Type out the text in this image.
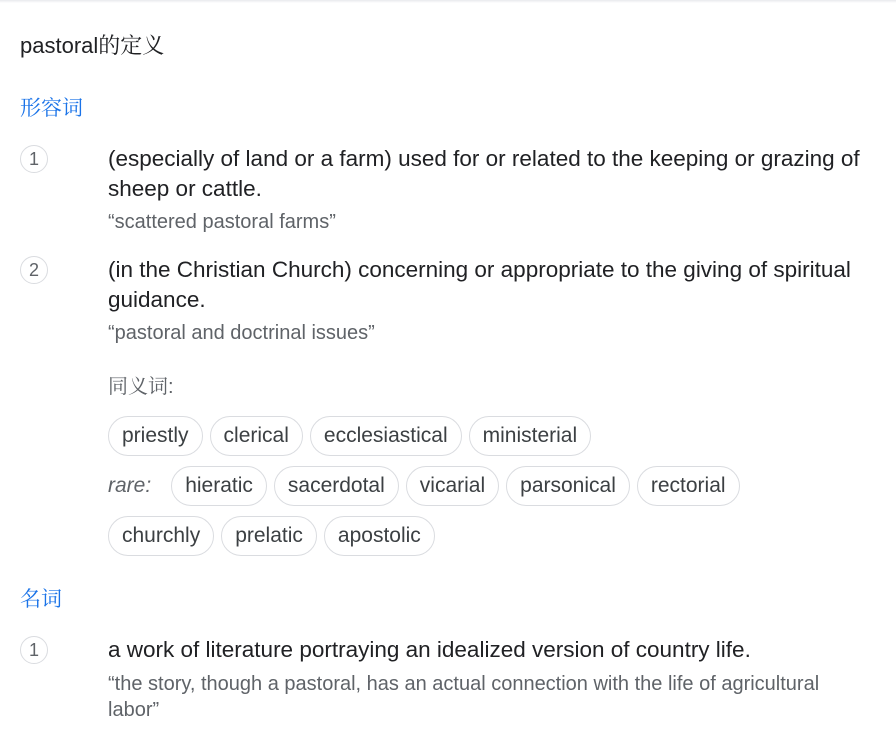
pastoral的定义
形容词
1	(especially of land or a farm) used for or related to the keeping or grazing of sheep or cattle.
“scattered pastoral farms”
2	(in the Christian Church) concerning or appropriate to the giving of spiritual guidance.
“pastoral and doctrinal issues”
同义词:
priestly	clerical	ecclesiastical	ministerial
rare:	hieratic	sacerdotal	vicarial	parsonical	rectorial
churchly	prelatic	apostolic
名词
1	a work of literature portraying an idealized version of country life.
“the story, though a pastoral, has an actual connection with the life of agricultural labor”
